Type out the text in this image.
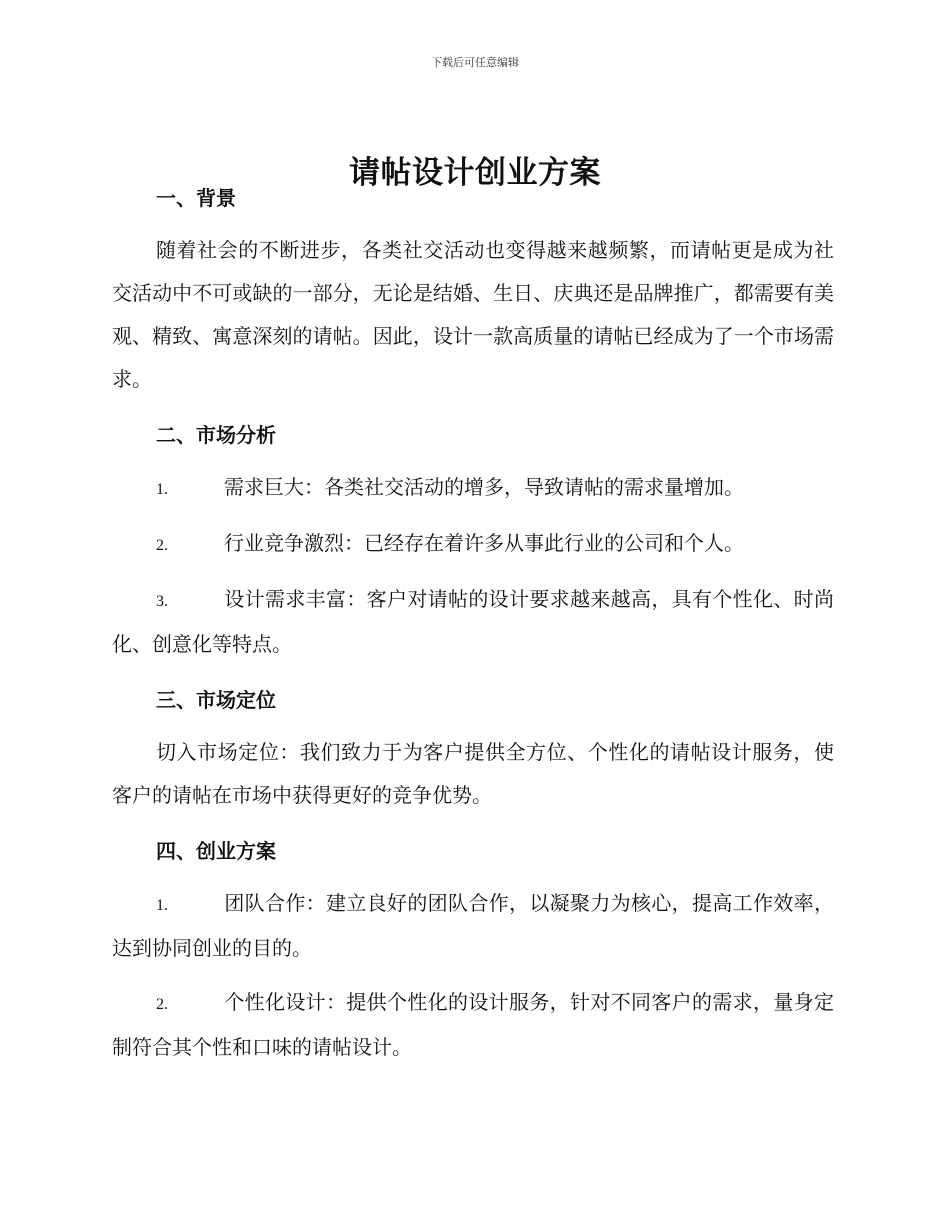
下载后可任意编辑
请帖设计创业方案
一、背景

随着社会的不断进步，各类社交活动也变得越来越频繁，而请帖更是成为社交活动中不可或缺的一部分，无论是结婚、生日、庆典还是品牌推广，都需要有美观、精致、寓意深刻的请帖。因此，设计一款高质量的请帖已经成为了一个市场需求。

二、市场分析

1.	需求巨大：各类社交活动的增多，导致请帖的需求量增加。

2.	行业竞争激烈：已经存在着许多从事此行业的公司和个人。

3.	设计需求丰富：客户对请帖的设计要求越来越高，具有个性化、时尚化、创意化等特点。

三、市场定位

切入市场定位：我们致力于为客户提供全方位、个性化的请帖设计服务，使客户的请帖在市场中获得更好的竞争优势。

四、创业方案

1.	团队合作：建立良好的团队合作，以凝聚力为核心，提高工作效率，达到协同创业的目的。

2.	个性化设计：提供个性化的设计服务，针对不同客户的需求，量身定制符合其个性和口味的请帖设计。
